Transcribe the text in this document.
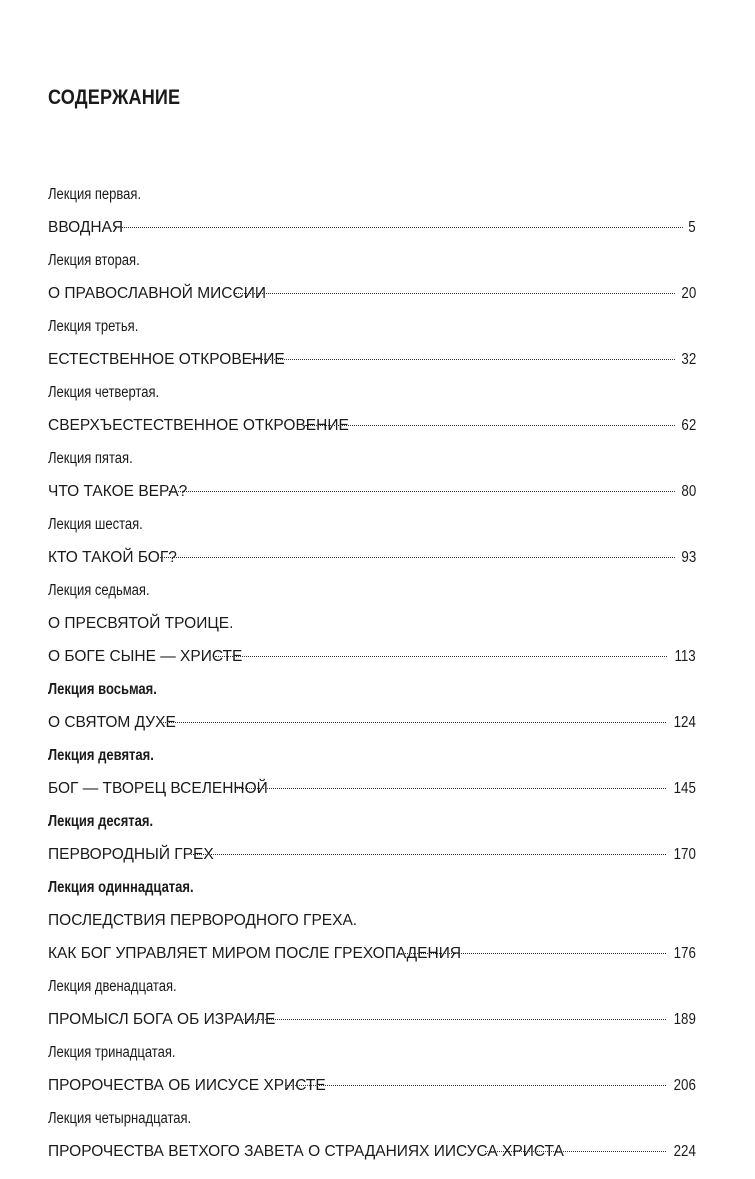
СОДЕРЖАНИЕ
Лекция первая.
ВВОДНАЯ	5
Лекция вторая.
О ПРАВОСЛАВНОЙ МИССИИ	20
Лекция третья.
ЕСТЕСТВЕННОЕ ОТКРОВЕНИЕ	32
Лекция четвертая.
СВЕРХЪЕСТЕСТВЕННОЕ ОТКРОВЕНИЕ	62
Лекция пятая.
ЧТО ТАКОЕ ВЕРА?	80
Лекция шестая.
КТО ТАКОЙ БОГ?	93
Лекция седьмая.
О ПРЕСВЯТОЙ ТРОИЦЕ.
О БОГЕ СЫНЕ — ХРИСТЕ	113
Лекция восьмая.
О СВЯТОМ ДУХЕ	124
Лекция девятая.
БОГ — ТВОРЕЦ ВСЕЛЕННОЙ	145
Лекция десятая.
ПЕРВОРОДНЫЙ ГРЕХ	170
Лекция одиннадцатая.
ПОСЛЕДСТВИЯ ПЕРВОРОДНОГО ГРЕХА.
КАК БОГ УПРАВЛЯЕТ МИРОМ ПОСЛЕ ГРЕХОПАДЕНИЯ	176
Лекция двенадцатая.
ПРОМЫСЛ БОГА ОБ ИЗРАИЛЕ	189
Лекция тринадцатая.
ПРОРОЧЕСТВА ОБ ИИСУСЕ ХРИСТЕ	206
Лекция четырнадцатая.
ПРОРОЧЕСТВА ВЕТХОГО ЗАВЕТА О СТРАДАНИЯХ ИИСУСА ХРИСТА	224
